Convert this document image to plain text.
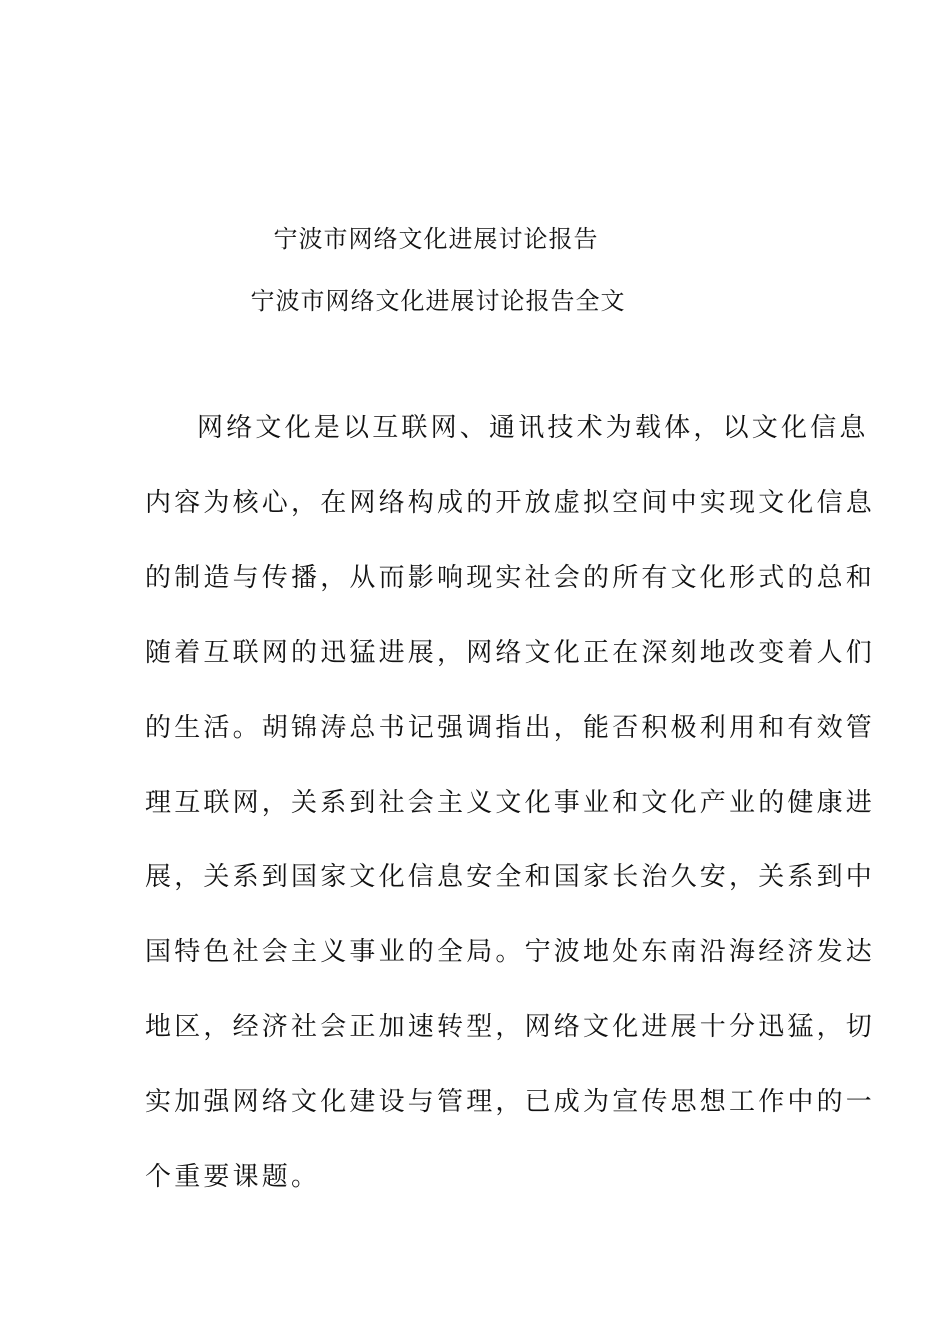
宁波市网络文化进展讨论报告
宁波市网络文化进展讨论报告全文
网络文化是以互联网、通讯技术为载体，以文化信息
内容为核心，在网络构成的开放虚拟空间中实现文化信息
的制造与传播，从而影响现实社会的所有文化形式的总和
随着互联网的迅猛进展，网络文化正在深刻地改变着人们
的生活。胡锦涛总书记强调指出，能否积极利用和有效管
理互联网，关系到社会主义文化事业和文化产业的健康进
展，关系到国家文化信息安全和国家长治久安，关系到中
国特色社会主义事业的全局。宁波地处东南沿海经济发达
地区，经济社会正加速转型，网络文化进展十分迅猛，切
实加强网络文化建设与管理，已成为宣传思想工作中的一
个重要课题。
